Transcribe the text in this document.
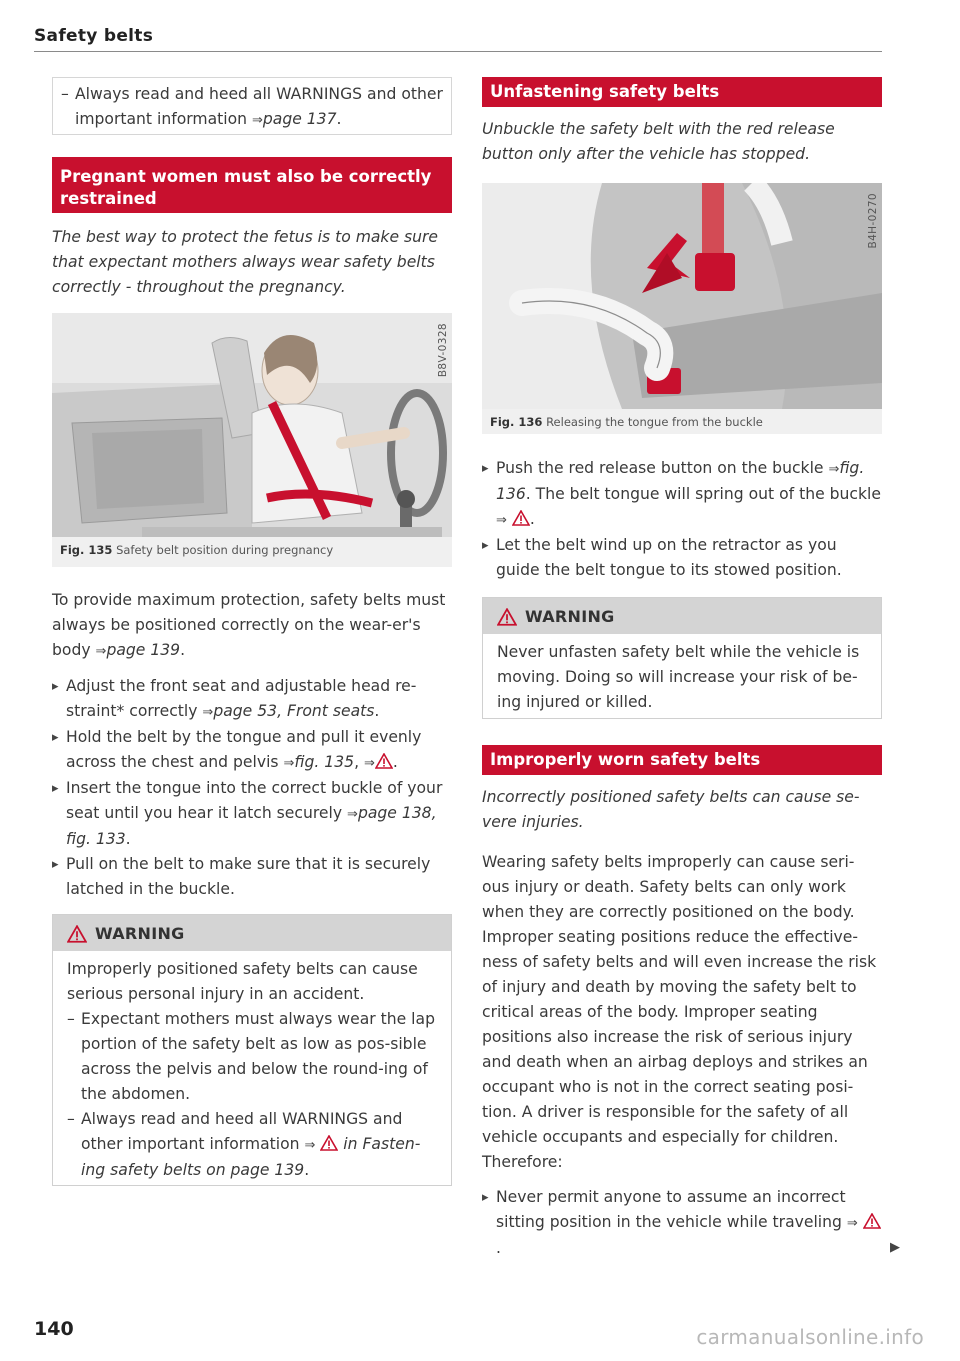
Safety belts
– Always read and heed all WARNINGS and other important information ⇒page 137.
Pregnant women must also be correctly restrained
The best way to protect the fetus is to make sure that expectant mothers always wear safety belts correctly - throughout the pregnancy.
B8V-0328
Fig. 135 Safety belt position during pregnancy
To provide maximum protection, safety belts must always be positioned correctly on the wear-er's body ⇒page 139.
▸ Adjust the front seat and adjustable head re-straint* correctly ⇒page 53, Front seats.
▸ Hold the belt by the tongue and pull it evenly across the chest and pelvis ⇒fig. 135, ⇒ .
▸ Insert the tongue into the correct buckle of your seat until you hear it latch securely ⇒page 138, fig. 133.
▸ Pull on the belt to make sure that it is securely latched in the buckle.
WARNING
Improperly positioned safety belts can cause serious personal injury in an accident.
– Expectant mothers must always wear the lap portion of the safety belt as low as pos-sible across the pelvis and below the round-ing of the abdomen.
– Always read and heed all WARNINGS and other important information ⇒  in Fasten-ing safety belts on page 139.
Unfastening safety belts
Unbuckle the safety belt with the red release button only after the vehicle has stopped.
B4H-0270
Fig. 136 Releasing the tongue from the buckle
▸ Push the red release button on the buckle ⇒fig. 136. The belt tongue will spring out of the buckle ⇒ .
▸ Let the belt wind up on the retractor as you guide the belt tongue to its stowed position.
WARNING
Never unfasten safety belt while the vehicle is moving. Doing so will increase your risk of be-ing injured or killed.
Improperly worn safety belts
Incorrectly positioned safety belts can cause se-vere injuries.
Wearing safety belts improperly can cause seri-ous injury or death. Safety belts can only work when they are correctly positioned on the body. Improper seating positions reduce the effective-ness of safety belts and will even increase the risk of injury and death by moving the safety belt to critical areas of the body. Improper seating positions also increase the risk of serious injury and death when an airbag deploys and strikes an occupant who is not in the correct seating posi-tion. A driver is responsible for the safety of all vehicle occupants and especially for children. Therefore:
▸ Never permit anyone to assume an incorrect sitting position in the vehicle while traveling ⇒ .	▶
140	carmanualsonline.info
